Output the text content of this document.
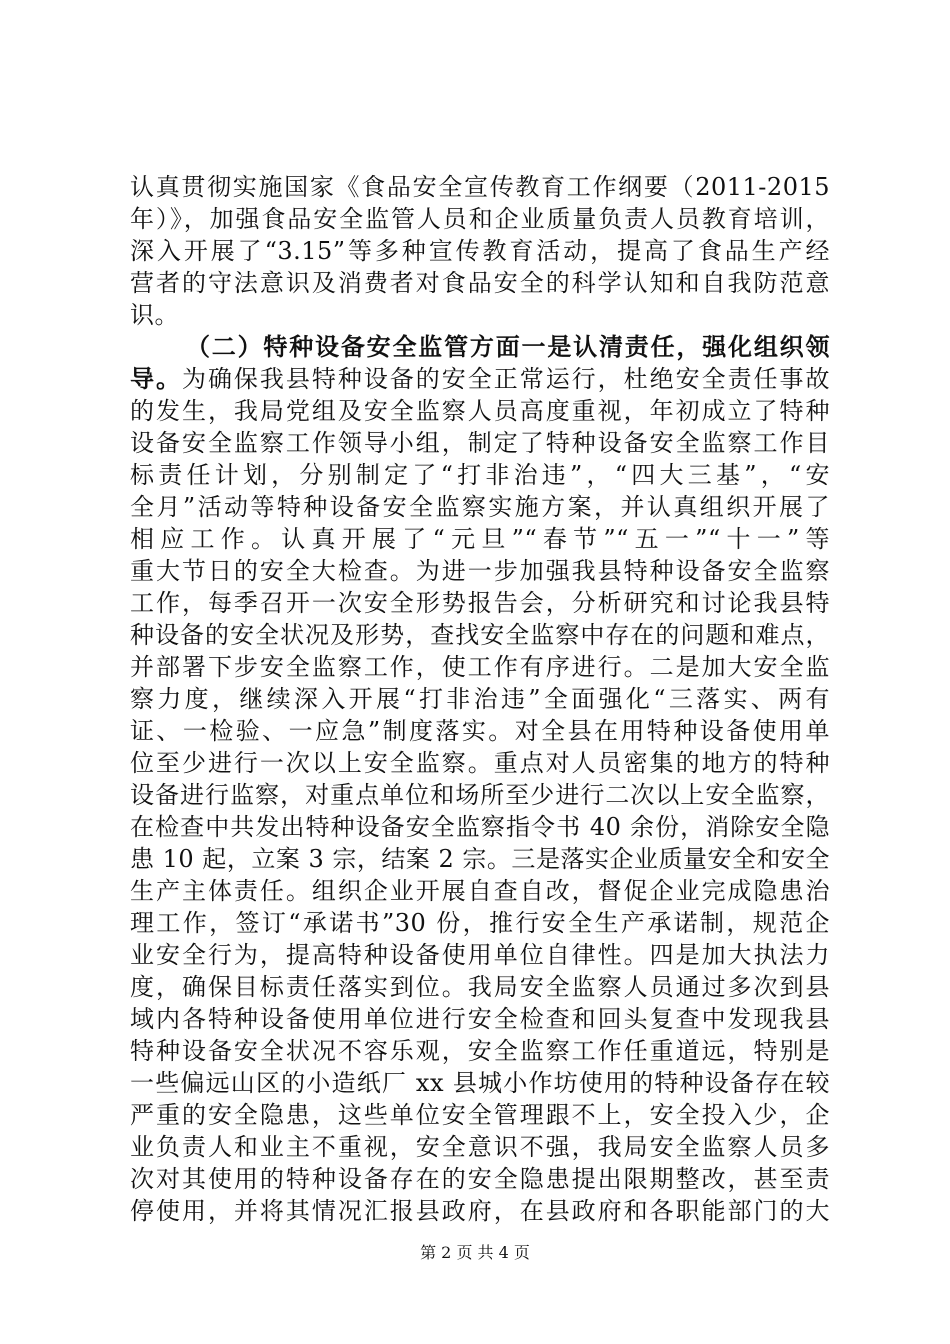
认真贯彻实施国家《食品安全宣传教育工作纲要（2011-2015
年）》，加强食品安全监管人员和企业质量负责人员教育培训，
深入开展了“3.15”等多种宣传教育活动，提高了食品生产经
营者的守法意识及消费者对食品安全的科学认知和自我防范意
识。
（二）特种设备安全监管方面一是认清责任，强化组织领
导。为确保我县特种设备的安全正常运行，杜绝安全责任事故
的发生，我局党组及安全监察人员高度重视，年初成立了特种
设备安全监察工作领导小组，制定了特种设备安全监察工作目
标责任计划，分别制定了“打非治违”，“四大三基”，“安
全月”活动等特种设备安全监察实施方案，并认真组织开展了
相应工作。认真开展了“元旦”“春节”“五一”“十一”等
重大节日的安全大检查。为进一步加强我县特种设备安全监察
工作，每季召开一次安全形势报告会，分析研究和讨论我县特
种设备的安全状况及形势，查找安全监察中存在的问题和难点，
并部署下步安全监察工作，使工作有序进行。二是加大安全监
察力度，继续深入开展“打非治违”全面强化“三落实、两有
证、一检验、一应急”制度落实。对全县在用特种设备使用单
位至少进行一次以上安全监察。重点对人员密集的地方的特种
设备进行监察，对重点单位和场所至少进行二次以上安全监察，
在检查中共发出特种设备安全监察指令书 40 余份，消除安全隐
患 10 起，立案 3 宗，结案 2 宗。三是落实企业质量安全和安全
生产主体责任。组织企业开展自查自改，督促企业完成隐患治
理工作，签订“承诺书”30 份，推行安全生产承诺制，规范企
业安全行为，提高特种设备使用单位自律性。四是加大执法力
度，确保目标责任落实到位。我局安全监察人员通过多次到县
域内各特种设备使用单位进行安全检查和回头复查中发现我县
特种设备安全状况不容乐观，安全监察工作任重道远，特别是
一些偏远山区的小造纸厂 xx 县城小作坊使用的特种设备存在较
严重的安全隐患，这些单位安全管理跟不上，安全投入少，企
业负责人和业主不重视，安全意识不强，我局安全监察人员多
次对其使用的特种设备存在的安全隐患提出限期整改，甚至责
停使用，并将其情况汇报县政府，在县政府和各职能部门的大
第 2 页 共 4 页
